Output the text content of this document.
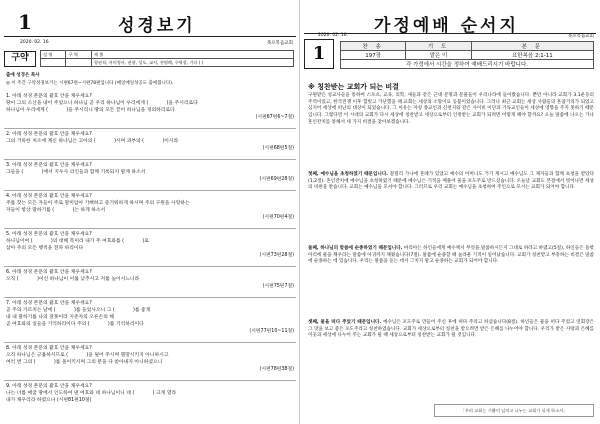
1	성경보기
2020. 02. 16	목포복음교회
구약	성 명	구 역	제 출
		형권직, 서미정사, 권향, 성도, 교사, 천명례, 구역장, 기타 ( )
출애 성경은 특사
◎ 이 주간 구약성경보기는 시편67편~시편78편입니다 (매일매일성공도 출애봅니다).
1. 아래 성경 본문의 괄호 안을 채우세요?
땅이 그의 소산을 내어 주었으니 하나님 곧 우리 하나님이 우리에게 (            )을 주시리로다
하나님이 우리에게 (            )을 주시리니 땅의 모든 끝이 하나님을 경외하리로다
(시편67편6~7절)
2. 아래 성경 본문의 괄호 안을 채우세요?
그의 거룩한 처소에 계신 하나님은 고아의 (            )시며 과부의 (            )이시라
(시편68편5절)
3. 아래 성경 본문의 괄호 안을 채우세요?
그들을 (            )에서 지우사 의인들과 함께 기록되지 말게 하소서
(시편69편28절)
4. 아래 성경 본문의 괄호 안을 채우세요?
주를 찾는 모든 자들이 주로 말미암아 기뻐하고 즐거워하게 하시며 주의 구원을 사랑하는
자들이 항상 말하기를 (            )는 하게 하소서
(시편70편4절)
5. 아래 성경 본문의 괄호 안을 채우세요?
하나님이여 (            )의 대해 복이라 내가 주 여호와를 (            )로
삼아 주의 모든 행적을 전파 하리이다
(시편73편28절)
6. 아래 성경 본문의 괄호 안을 채우세요?
오직 (            )이신 하나님이 이를 낮추시고 저를 높이시느니라
(시편75편7절)
7. 아래 성경 본문의 괄호 안을 채우세요?
곧 주의 가르치는 날에 (            )를 들었사오니 그 (            )를 좋게
내 내 말하기를 나의 잘못이라 지존자의 오른손의 해
곧 여호와의 일들을 기억하리이다 주의 (            )를 기억하리이다
(시편77편10~11절)
8. 아래 성경 본문의 괄호 안을 채우세요?
오직 하나님은 긍휼하시므로 (            )을 덮어 주시며 멸망시키지 아니하시고
여러 번 그의 (            )를 돌이키시며 그의 분을 다 쏟아내지 아니하셨으니
(시편78편38절)
9. 아래 성경 본문의 괄호 안을 채우세요?
나는 너를 애굽 땅에서 인도하여 낸 여호와 네 하나님이니 네 (            ) 크게 열라
내가 채우리라 하였으나 (시편81편10절)
가정예배 순서지
2020. 02. 16.	목포복음교회
1	찬 송	기 도	본 문
197장	맡은 이	요한복음 2:1-11
각 가정에서 시간을 정하여 예배드리시기 바랍니다.		
※ 칭찬받는 교회가 되는 비결
구원받은 성교사들을 통하여 스포츠, 교육, 의학, 새들과 같은 근대 문명과 문물들이 우리나라에 들어왔습니다. 뿐만 아니라 교회가 3.1운동의 주역이었고, 한국전쟁 이후 헐벗고 가난했을 때 교회는 세상의 소망이요 등불이었습니다. 그러나 최근 교회는 세상 사람들의 혼잡거리가 되었고 심지어 세상에 비난의 대상이 되었습니다. 그 이유는 자칭 종교인과 신천지와 같은 사이비 이단과 기독교인들이 세상에 영향을 주지 못하기 때문입니다. 그렇다면 이 시대의 교회가 다시 세상에 칭찬받고 세상으로부터 인정받는 교회가 되려면 어떻게 해야 할까요? 오늘 말씀에 나오는 가나 혼인잔치를 통해서 세 가지 비결을 찾아보겠습니다.
첫째, 예수님을 초청하였기 때문입니다. 갈릴리 가나에 혼례가 있었고 예수의 어머니도 거기 계시고 예수님도 그 제자들과 함께 초청을 받았다(1,2절). 혼인잔치에 예수님을 초청하였기 때문에 예수님은 기적을 베풀어 물을 포도주로 만드셨습니다. 오늘날 교회도 본질에서 벗어나면 세상의 비판을 받습니다. 교회는 예수님을 모셔야 합니다. 그러므로 우리 교회는 예수님을 초청하여 주인으로 모시는 교회가 되어야 합니다.
둘째, 하나님의 말씀에 순종하였기 때문입니다. 마리아는 하인들에게 예수께서 무엇을 말씀하시든지 그대로 하라고 하였고(5절), 하인들은 돌항아리에 물을 채우라는 말씀에 아귀까지 채웠습니다(7절). 말씀에 순종할 때 놀라운 기적이 일어났습니다. 교회가 칭찬받고 부흥하는 비결은 말씀에 순종하는 데 있습니다. 우리는 말씀을 듣는 데서 그치지 말고 순종하는 교회가 되어야 합니다.
셋째, 물을 떠다 주었기 때문입니다. 예수님은 포도주로 만들어 주신 후에 떠다 주라고 하셨습니다(8절). 하인들은 물을 떠다 주었고 연회장은 그 맛을 보고 좋은 포도주라고 칭찬하였습니다. 교회가 세상으로부터 칭찬을 받으려면 받은 은혜를 나누어야 합니다. 우리가 받은 사랑과 은혜를 이웃과 세상에 나누어 주는 교회가 될 때 세상으로부터 칭찬받는 교회가 될 것입니다.
「우리 교회는 기쁨이 넘치고 나누는 교회가 되게 하소서」
